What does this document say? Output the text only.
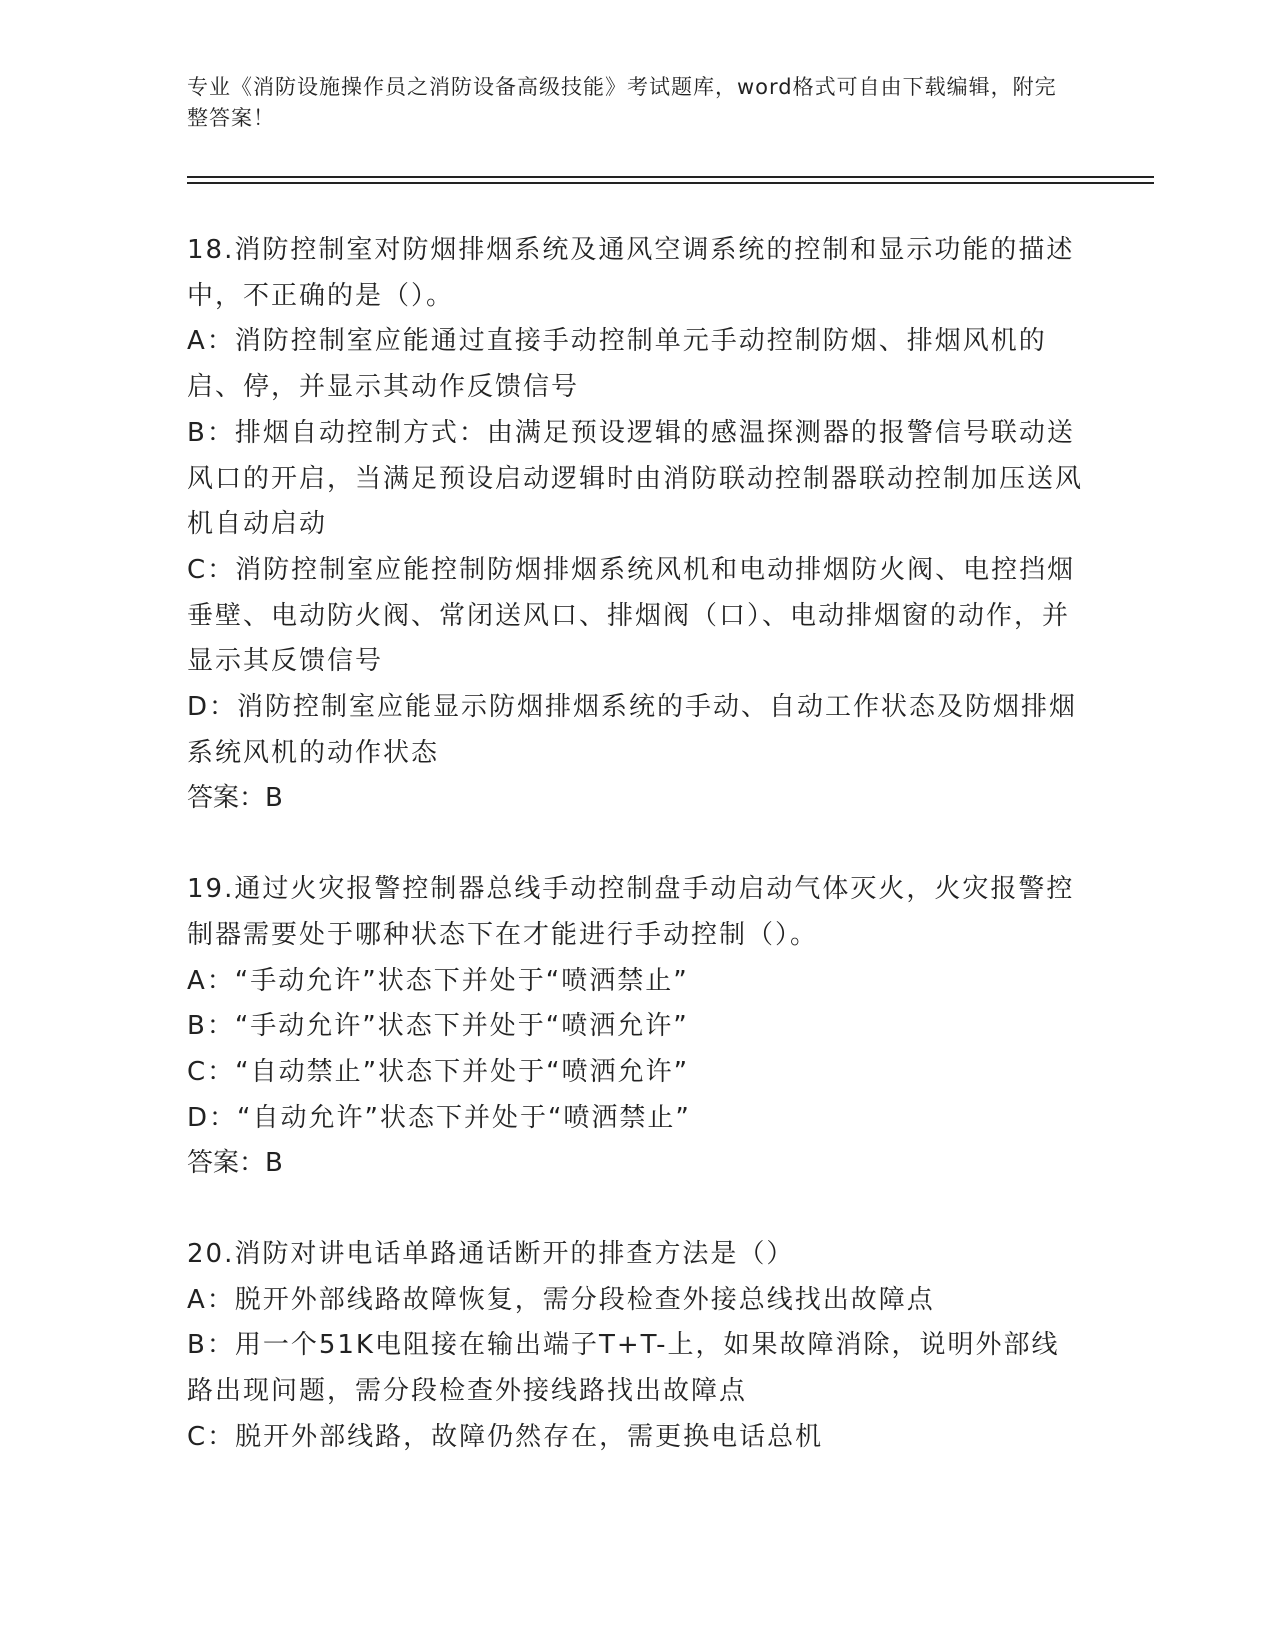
专业《消防设施操作员之消防设备高级技能》考试题库，word格式可自由下载编辑，附完整答案！
18.消防控制室对防烟排烟系统及通风空调系统的控制和显示功能的描述中，不正确的是（）。
A：消防控制室应能通过直接手动控制单元手动控制防烟、排烟风机的启、停，并显示其动作反馈信号
B：排烟自动控制方式：由满足预设逻辑的感温探测器的报警信号联动送风口的开启，当满足预设启动逻辑时由消防联动控制器联动控制加压送风机自动启动
C：消防控制室应能控制防烟排烟系统风机和电动排烟防火阀、电控挡烟垂壁、电动防火阀、常闭送风口、排烟阀（口）、电动排烟窗的动作，并显示其反馈信号
D：消防控制室应能显示防烟排烟系统的手动、自动工作状态及防烟排烟系统风机的动作状态
答案：B
19.通过火灾报警控制器总线手动控制盘手动启动气体灭火，火灾报警控制器需要处于哪种状态下在才能进行手动控制（）。
A：“手动允许”状态下并处于“喷洒禁止”
B：“手动允许”状态下并处于“喷洒允许”
C：“自动禁止”状态下并处于“喷洒允许”
D：“自动允许”状态下并处于“喷洒禁止”
答案：B
20.消防对讲电话单路通话断开的排查方法是（）
A：脱开外部线路故障恢复，需分段检查外接总线找出故障点
B：用一个51K电阻接在输出端子T+T-上，如果故障消除，说明外部线路出现问题，需分段检查外接线路找出故障点
C：脱开外部线路，故障仍然存在，需更换电话总机
